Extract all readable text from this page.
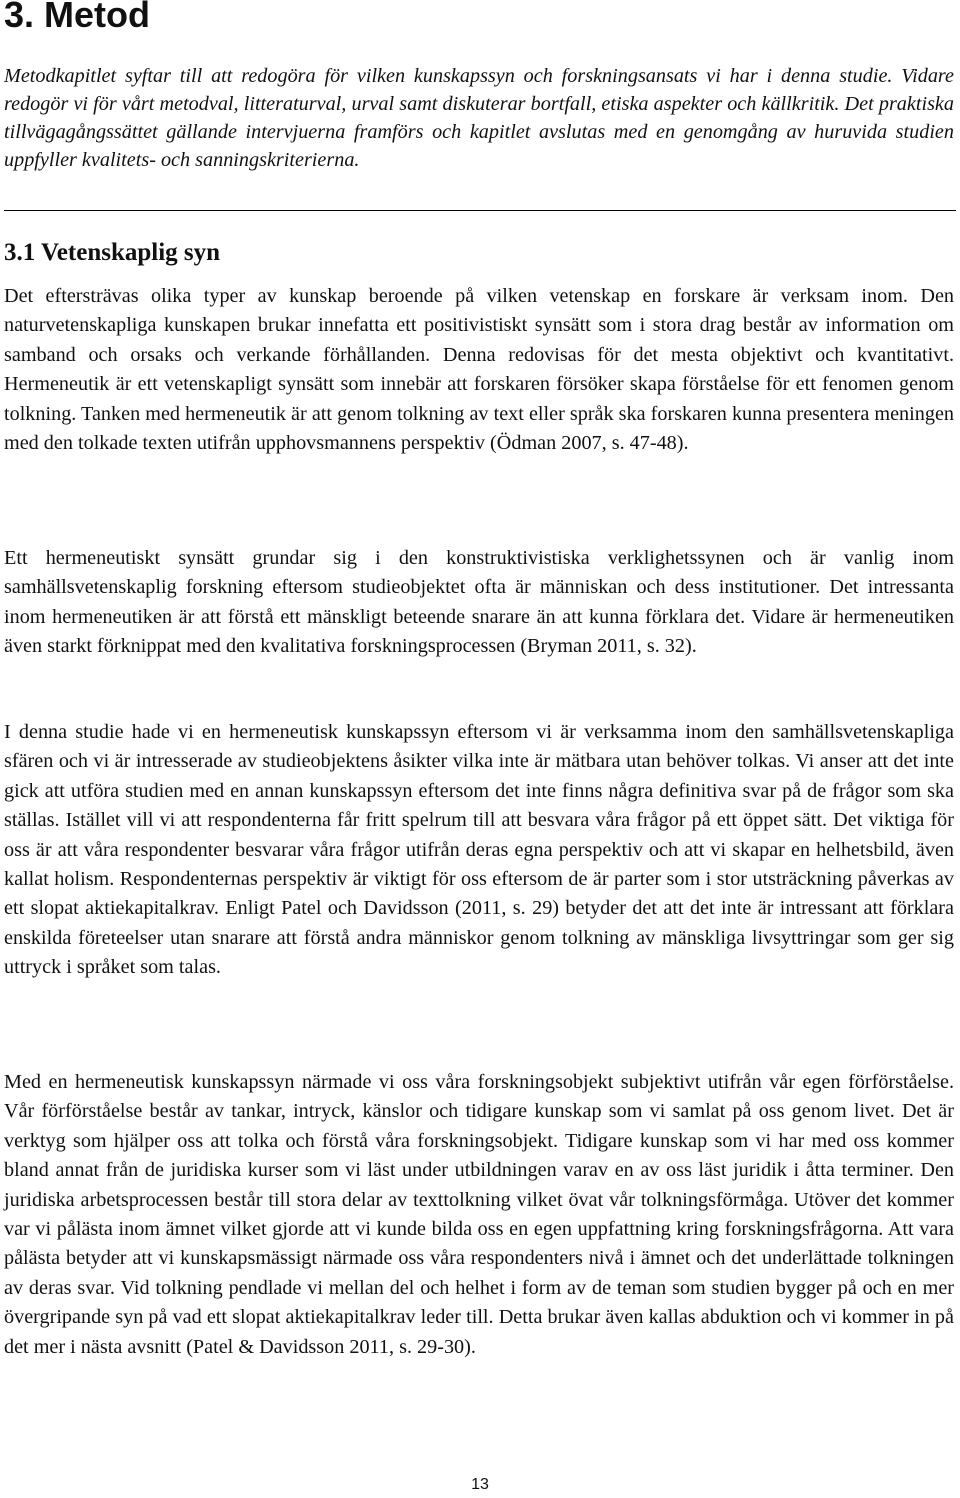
3. Metod

Metodkapitlet syftar till att redogöra för vilken kunskapssyn och forskningsansats vi har i denna studie. Vidare redogör vi för vårt metodval, litteraturval, urval samt diskuterar bortfall, etiska aspekter och källkritik. Det praktiska tillvägagångssättet gällande intervjuerna framförs och kapitlet avslutas med en genomgång av huruvida studien uppfyller kvalitets- och sanningskriterierna.

3.1 Vetenskaplig syn

Det eftersträvas olika typer av kunskap beroende på vilken vetenskap en forskare är verksam inom. Den naturvetenskapliga kunskapen brukar innefatta ett positivistiskt synsätt som i stora drag består av information om samband och orsaks och verkande förhållanden. Denna redovisas för det mesta objektivt och kvantitativt. Hermeneutik är ett vetenskapligt synsätt som innebär att forskaren försöker skapa förståelse för ett fenomen genom tolkning. Tanken med hermeneutik är att genom tolkning av text eller språk ska forskaren kunna presentera meningen med den tolkade texten utifrån upphovsmannens perspektiv (Ödman 2007, s. 47-48).

Ett hermeneutiskt synsätt grundar sig i den konstruktivistiska verklighetssynen och är vanlig inom samhällsvetenskaplig forskning eftersom studieobjektet ofta är människan och dess institutioner. Det intressanta inom hermeneutiken är att förstå ett mänskligt beteende snarare än att kunna förklara det. Vidare är hermeneutiken även starkt förknippat med den kvalitativa forskningsprocessen (Bryman 2011, s. 32).

I denna studie hade vi en hermeneutisk kunskapssyn eftersom vi är verksamma inom den samhällsvetenskapliga sfären och vi är intresserade av studieobjektens åsikter vilka inte är mätbara utan behöver tolkas. Vi anser att det inte gick att utföra studien med en annan kunskapssyn eftersom det inte finns några definitiva svar på de frågor som ska ställas. Istället vill vi att respondenterna får fritt spelrum till att besvara våra frågor på ett öppet sätt. Det viktiga för oss är att våra respondenter besvarar våra frågor utifrån deras egna perspektiv och att vi skapar en helhetsbild, även kallat holism. Respondenternas perspektiv är viktigt för oss eftersom de är parter som i stor utsträckning påverkas av ett slopat aktiekapitalkrav. Enligt Patel och Davidsson (2011, s. 29) betyder det att det inte är intressant att förklara enskilda företeelser utan snarare att förstå andra människor genom tolkning av mänskliga livsyttringar som ger sig uttryck i språket som talas.

Med en hermeneutisk kunskapssyn närmade vi oss våra forskningsobjekt subjektivt utifrån vår egen förförståelse. Vår förförståelse består av tankar, intryck, känslor och tidigare kunskap som vi samlat på oss genom livet. Det är verktyg som hjälper oss att tolka och förstå våra forskningsobjekt. Tidigare kunskap som vi har med oss kommer bland annat från de juridiska kurser som vi läst under utbildningen varav en av oss läst juridik i åtta terminer. Den juridiska arbetsprocessen består till stora delar av texttolkning vilket övat vår tolkningsförmåga. Utöver det kommer var vi pålästa inom ämnet vilket gjorde att vi kunde bilda oss en egen uppfattning kring forskningsfrågorna. Att vara pålästa betyder att vi kunskapsmässigt närmade oss våra respondenters nivå i ämnet och det underlättade tolkningen av deras svar. Vid tolkning pendlade vi mellan del och helhet i form av de teman som studien bygger på och en mer övergripande syn på vad ett slopat aktiekapitalkrav leder till. Detta brukar även kallas abduktion och vi kommer in på det mer i nästa avsnitt (Patel & Davidsson 2011, s. 29-30).

13
